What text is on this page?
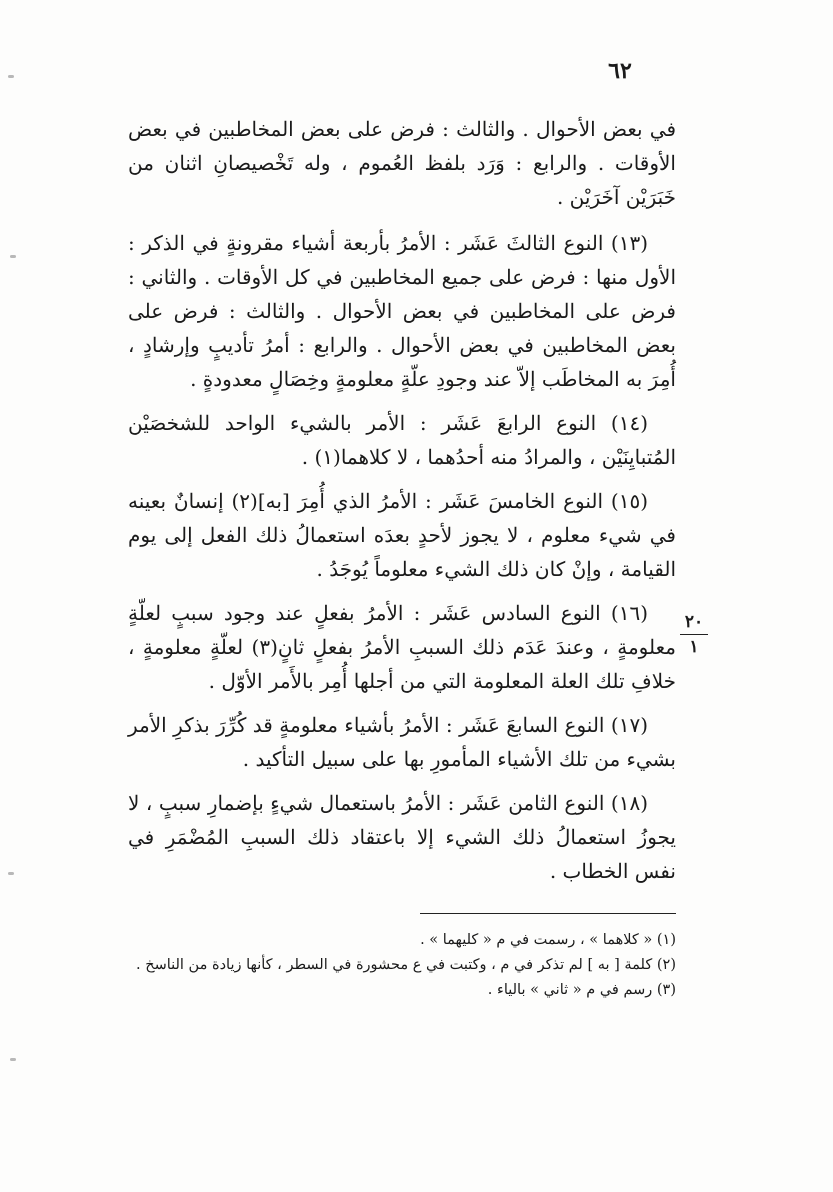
٦٢

في بعض الأحوال . والثالث : فرض على بعض المخاطبين في بعض الأوقات . والرابع : وَرَد بلفظ العُموم ، وله تَخْصيصانِ اثنان من خَبَرَيْن آخَرَيْن .

(١٣) النوع الثالثَ عَشَر : الأمرُ بأربعة أشياء مقرونةٍ في الذكر : الأول منها : فرض على جميع المخاطبين في كل الأوقات . والثاني : فرض على المخاطبين في بعض الأحوال . والثالث : فرض على بعض المخاطبين في بعض الأحوال . والرابع : أمرُ تأديبٍ وإرشادٍ ، أُمِرَ به المخاطَب إلاّ عند وجودِ علّةٍ معلومةٍ وخِصَالٍ معدودةٍ .

(١٤) النوع الرابعَ عَشَر : الأمر بالشيء الواحد للشخصَيْن المُتبايِنَيْن ، والمرادُ منه أحدُهما ، لا كلاهما(١) .

(١٥) النوع الخامسَ عَشَر : الأمرُ الذي أُمِرَ [به](٢) إنسانٌ بعينه في شيء معلوم ، لا يجوز لأحدٍ بعدَه استعمالُ ذلك الفعل إلى يوم القيامة ، وإنْ كان ذلك الشيء معلوماً يُوجَدُ .

(١٦) النوع السادس عَشَر : الأمرُ بفعلٍ عند وجود سببٍ لعلّةٍ معلومةٍ ، وعندَ عَدَم ذلك السببِ الأمرُ بفعلٍ ثانٍ(٣) لعلّةٍ معلومةٍ ، خلافِ تلك العلة المعلومة التي من أجلها أُمِر بالأَمر الأوّل .

(١٧) النوع السابعَ عَشَر : الأمرُ بأشياء معلومةٍ قد كُرِّرَ بذكرِ الأمر بشيء من تلك الأشياء المأمورِ بها على سبيل التأكيد .

(١٨) النوع الثامن عَشَر : الأمرُ باستعمال شيءٍ بإضمارِ سببٍ ، لا يجوزُ استعمالُ ذلك الشيء إلا باعتقاد ذلك السببِ المُضْمَرِ في نفس الخطاب .

٢٠
١

(١) « كلاهما » ، رسمت في م « كليهما » .

(٢) كلمة [ به ] لم تذكر في م ، وكتبت في ع محشورة في السطر ، كأنها زيادة من الناسخ .

(٣) رسم في م « ثاني » بالياء .
